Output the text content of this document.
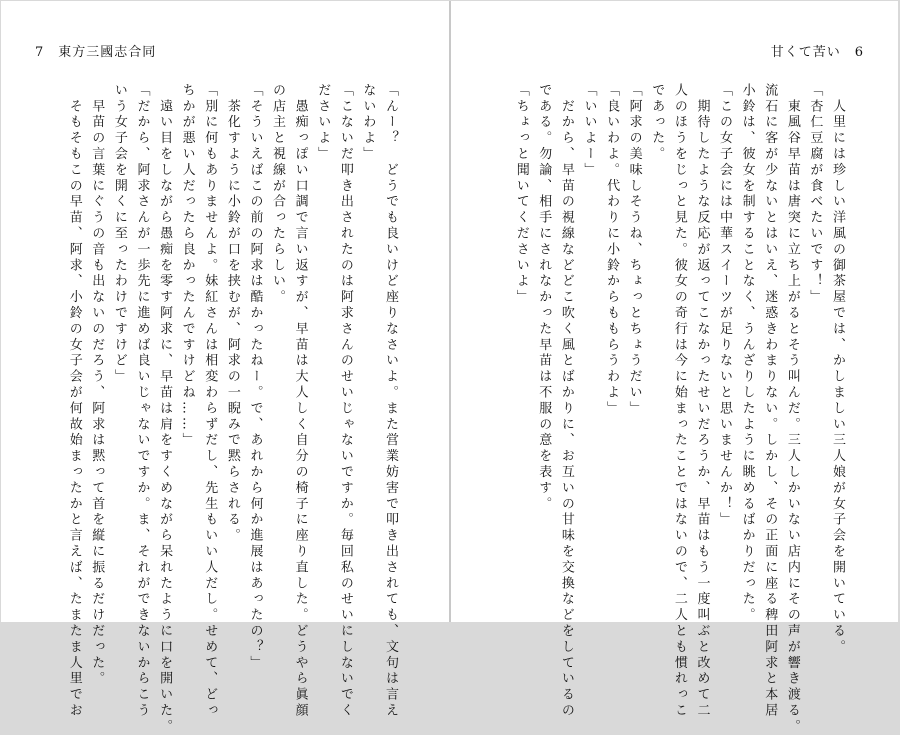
7 東方三國志合同
「んー？　どうでも良いけど座りなさいよ。また営業妨害で叩き出されても、文句は言え
ないわよ」
「こないだ叩き出されたのは阿求さんのせいじゃないですか。毎回私のせいにしないでく
ださいよ」
　愚痴っぽい口調で言い返すが、早苗は大人しく自分の椅子に座り直した。どうやら眞顔
の店主と視線が合ったらしい。
「そういえばこの前の阿求は酷かったねー。で、あれから何か進展はあったの？」
　茶化すように小鈴が口を挟むが、阿求の一睨みで黙らされる。
「別に何もありませんよ。妹紅さんは相変わらずだし、先生もいい人だし。せめて、どっ
ちかが悪い人だったら良かったんですけどね……」
　遠い目をしながら愚痴を零す阿求に、早苗は肩をすくめながら呆れたように口を開いた。
「だから、阿求さんが一歩先に進めば良いじゃないですか。ま、それができないからこう
いう女子会を開くに至ったわけですけど」
　早苗の言葉にぐうの音も出ないのだろう、阿求は黙って首を縦に振るだけだった。
　そもそもこの早苗、阿求、小鈴の女子会が何故始まったかと言えば、たまたま人里でお
甘くて苦い 6
　人里には珍しい洋風の御茶屋では、かしましい三人娘が女子会を開いている。
「杏仁豆腐が食べたいです！」
　東風谷早苗は唐突に立ち上がるとそう叫んだ。三人しかいない店内にその声が響き渡る。
流石に客が少ないとはいえ、迷惑きわまりない。しかし、その正面に座る稗田阿求と本居
小鈴は、彼女を制することなく、うんざりしたように眺めるばかりだった。
「この女子会には中華スイーツが足りないと思いませんか！」
　期待したような反応が返ってこなかったせいだろうか、早苗はもう一度叫ぶと改めて二
人のほうをじっと見た。彼女の奇行は今に始まったことではないので、二人とも慣れっこ
であった。
「阿求の美味しそうね、ちょっとちょうだい」
「良いわよ。代わりに小鈴からももらうわよ」
「いいよー」
　だから、早苗の視線などどこ吹く風とばかりに、お互いの甘味を交換などをしているの
である。勿論、相手にされなかった早苗は不服の意を表す。
「ちょっと聞いてくださいよ」
